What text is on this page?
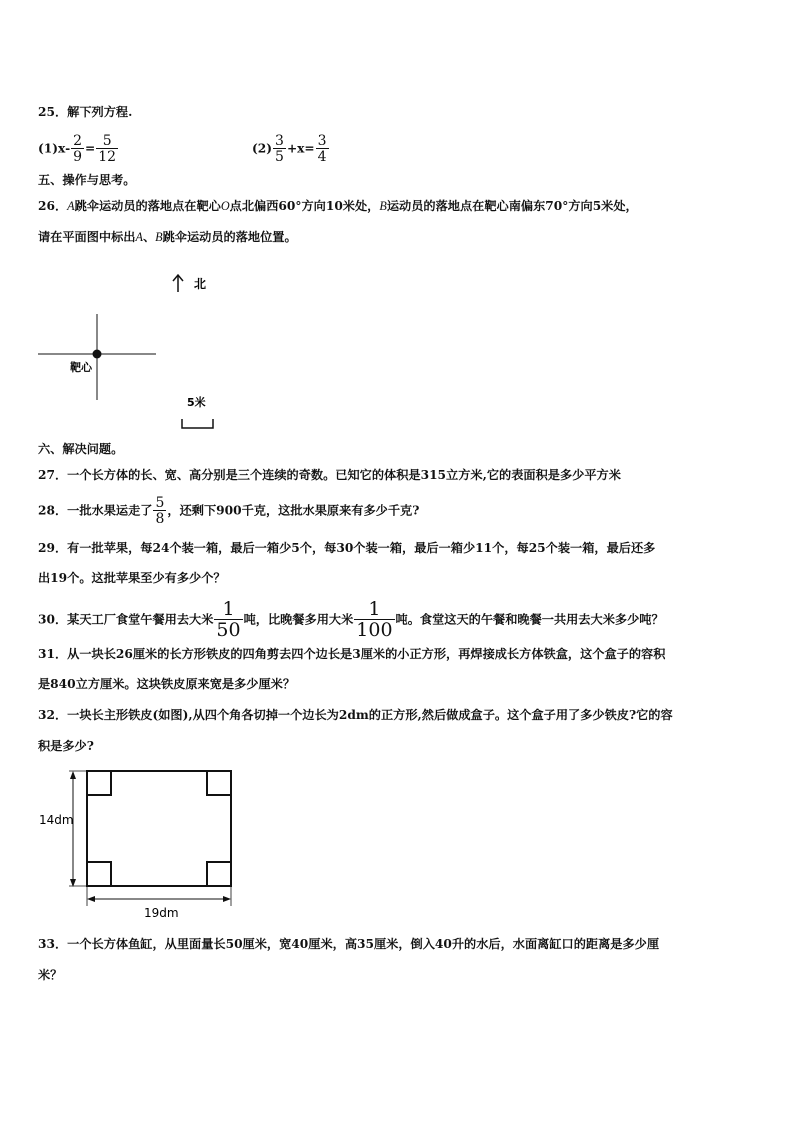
25．解下列方程.
$(1)x- \frac{2}{9} = \frac{5}{12}$	$(2) \frac{3}{5} +x= \frac{3}{4}$
五、操作与思考。
26．A跳伞运动员的落地点在靶心O点北偏西60°方向10米处，B运动员的落地点在靶心南偏东70°方向5米处，
请在平面图中标出A、B跳伞运动员的落地位置。
北
靶心
5米
14dm
19dm
六、解决问题。
27．一个长方体的长、宽、高分别是三个连续的奇数。已知它的体积是315立方米,它的表面积是多少平方米
28．一批水果运走了 $\frac{5}{8}$ ，还剩下900千克，这批水果原来有多少千克?
29．有一批苹果，每24个装一箱，最后一箱少5个，每30个装一箱，最后一箱少11个，每25个装一箱，最后还多
出19个。这批苹果至少有多少个？
30．某天工厂食堂午餐用去大米 $\frac{1}{50}$ 吨，比晚餐多用大米 $\frac{1}{100}$ 吨。食堂这天的午餐和晚餐一共用去大米多少吨？
31．从一块长26厘米的长方形铁皮的四角剪去四个边长是3厘米的小正方形，再焊接成长方体铁盒，这个盒子的容积
是840立方厘米。这块铁皮原来宽是多少厘米？
32．一块长主形铁皮(如图),从四个角各切掉一个边长为2dm的正方形,然后做成盒子。这个盒子用了多少铁皮?它的容
积是多少?
33．一个长方体鱼缸，从里面量长50厘米，宽40厘米，高35厘米，倒入40升的水后，水面离缸口的距离是多少厘
米？
